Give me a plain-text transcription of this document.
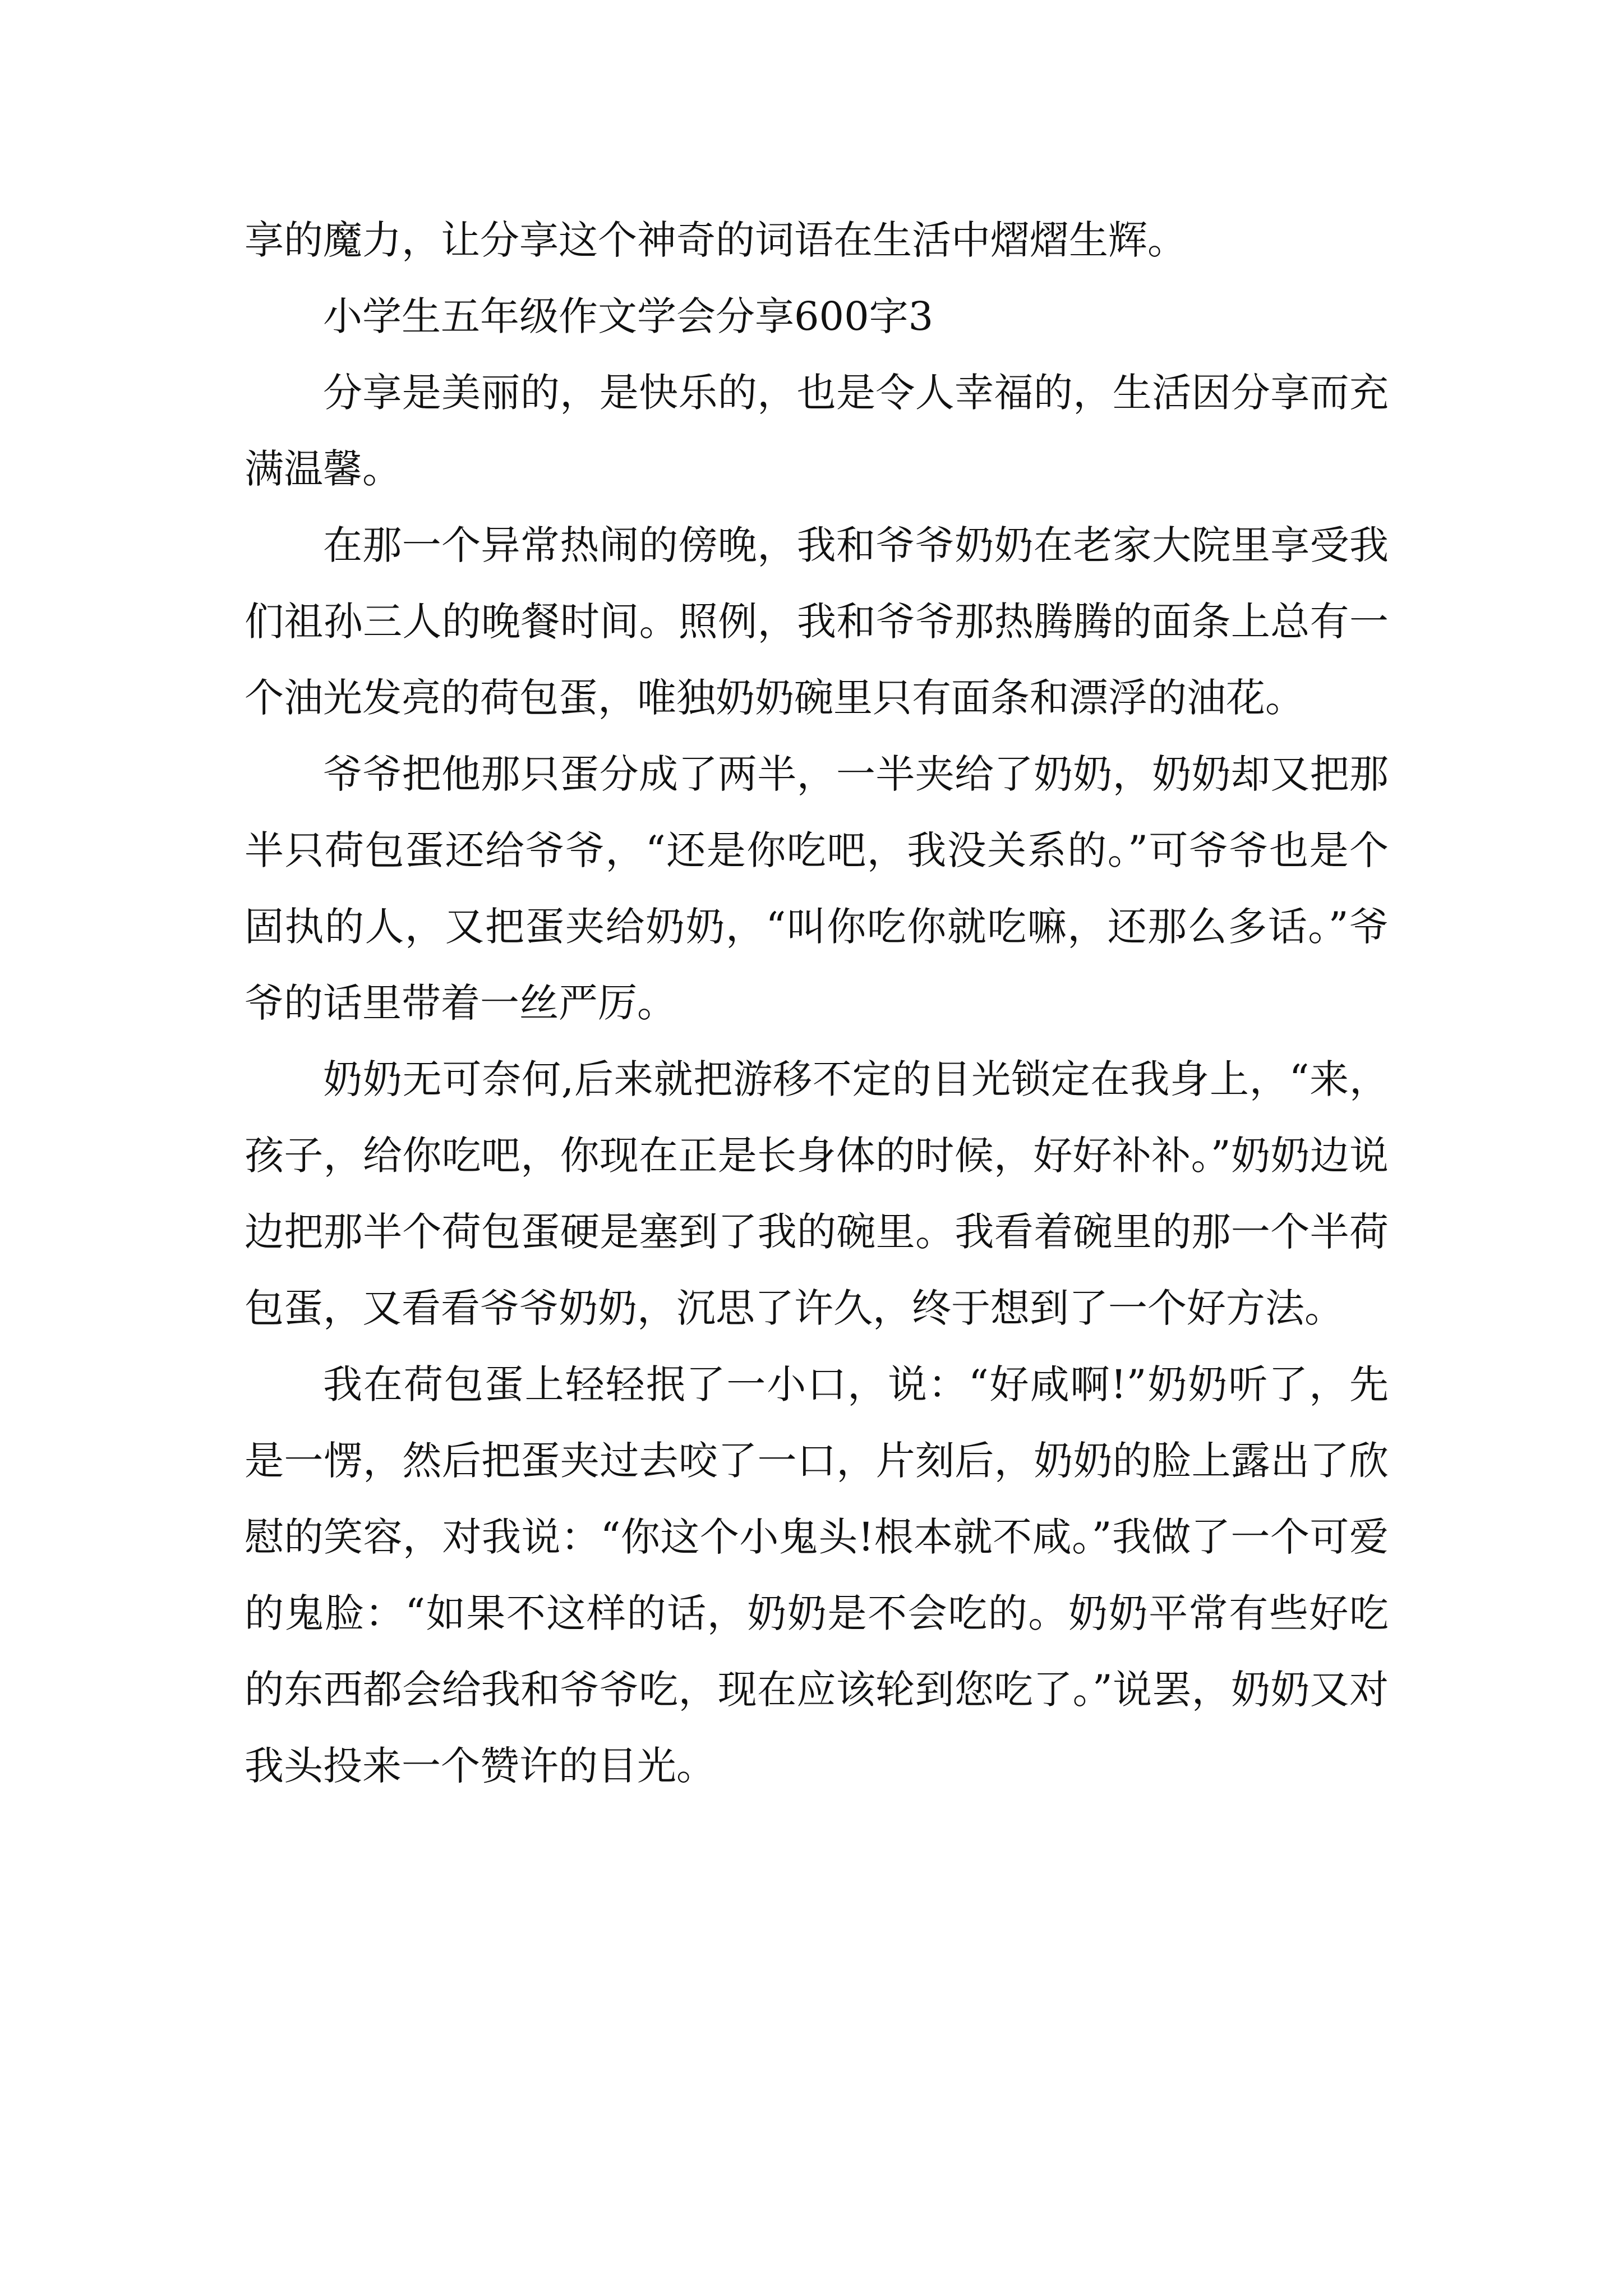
享的魔力，让分享这个神奇的词语在生活中熠熠生辉。

小学生五年级作文学会分享600字3

分享是美丽的，是快乐的，也是令人幸福的，生活因分享而充满温馨。

在那一个异常热闹的傍晚，我和爷爷奶奶在老家大院里享受我们祖孙三人的晚餐时间。照例，我和爷爷那热腾腾的面条上总有一个油光发亮的荷包蛋，唯独奶奶碗里只有面条和漂浮的油花。

爷爷把他那只蛋分成了两半，一半夹给了奶奶，奶奶却又把那半只荷包蛋还给爷爷，“还是你吃吧，我没关系的。”可爷爷也是个固执的人，又把蛋夹给奶奶，“叫你吃你就吃嘛，还那么多话。”爷爷的话里带着一丝严厉。

奶奶无可奈何,后来就把游移不定的目光锁定在我身上，“来，孩子，给你吃吧，你现在正是长身体的时候，好好补补。”奶奶边说边把那半个荷包蛋硬是塞到了我的碗里。我看着碗里的那一个半荷包蛋，又看看爷爷奶奶，沉思了许久，终于想到了一个好方法。

我在荷包蛋上轻轻抿了一小口，说：“好咸啊!”奶奶听了，先是一愣，然后把蛋夹过去咬了一口，片刻后，奶奶的脸上露出了欣慰的笑容，对我说：“你这个小鬼头!根本就不咸。”我做了一个可爱的鬼脸：“如果不这样的话，奶奶是不会吃的。奶奶平常有些好吃的东西都会给我和爷爷吃，现在应该轮到您吃了。”说罢，奶奶又对我头投来一个赞许的目光。
